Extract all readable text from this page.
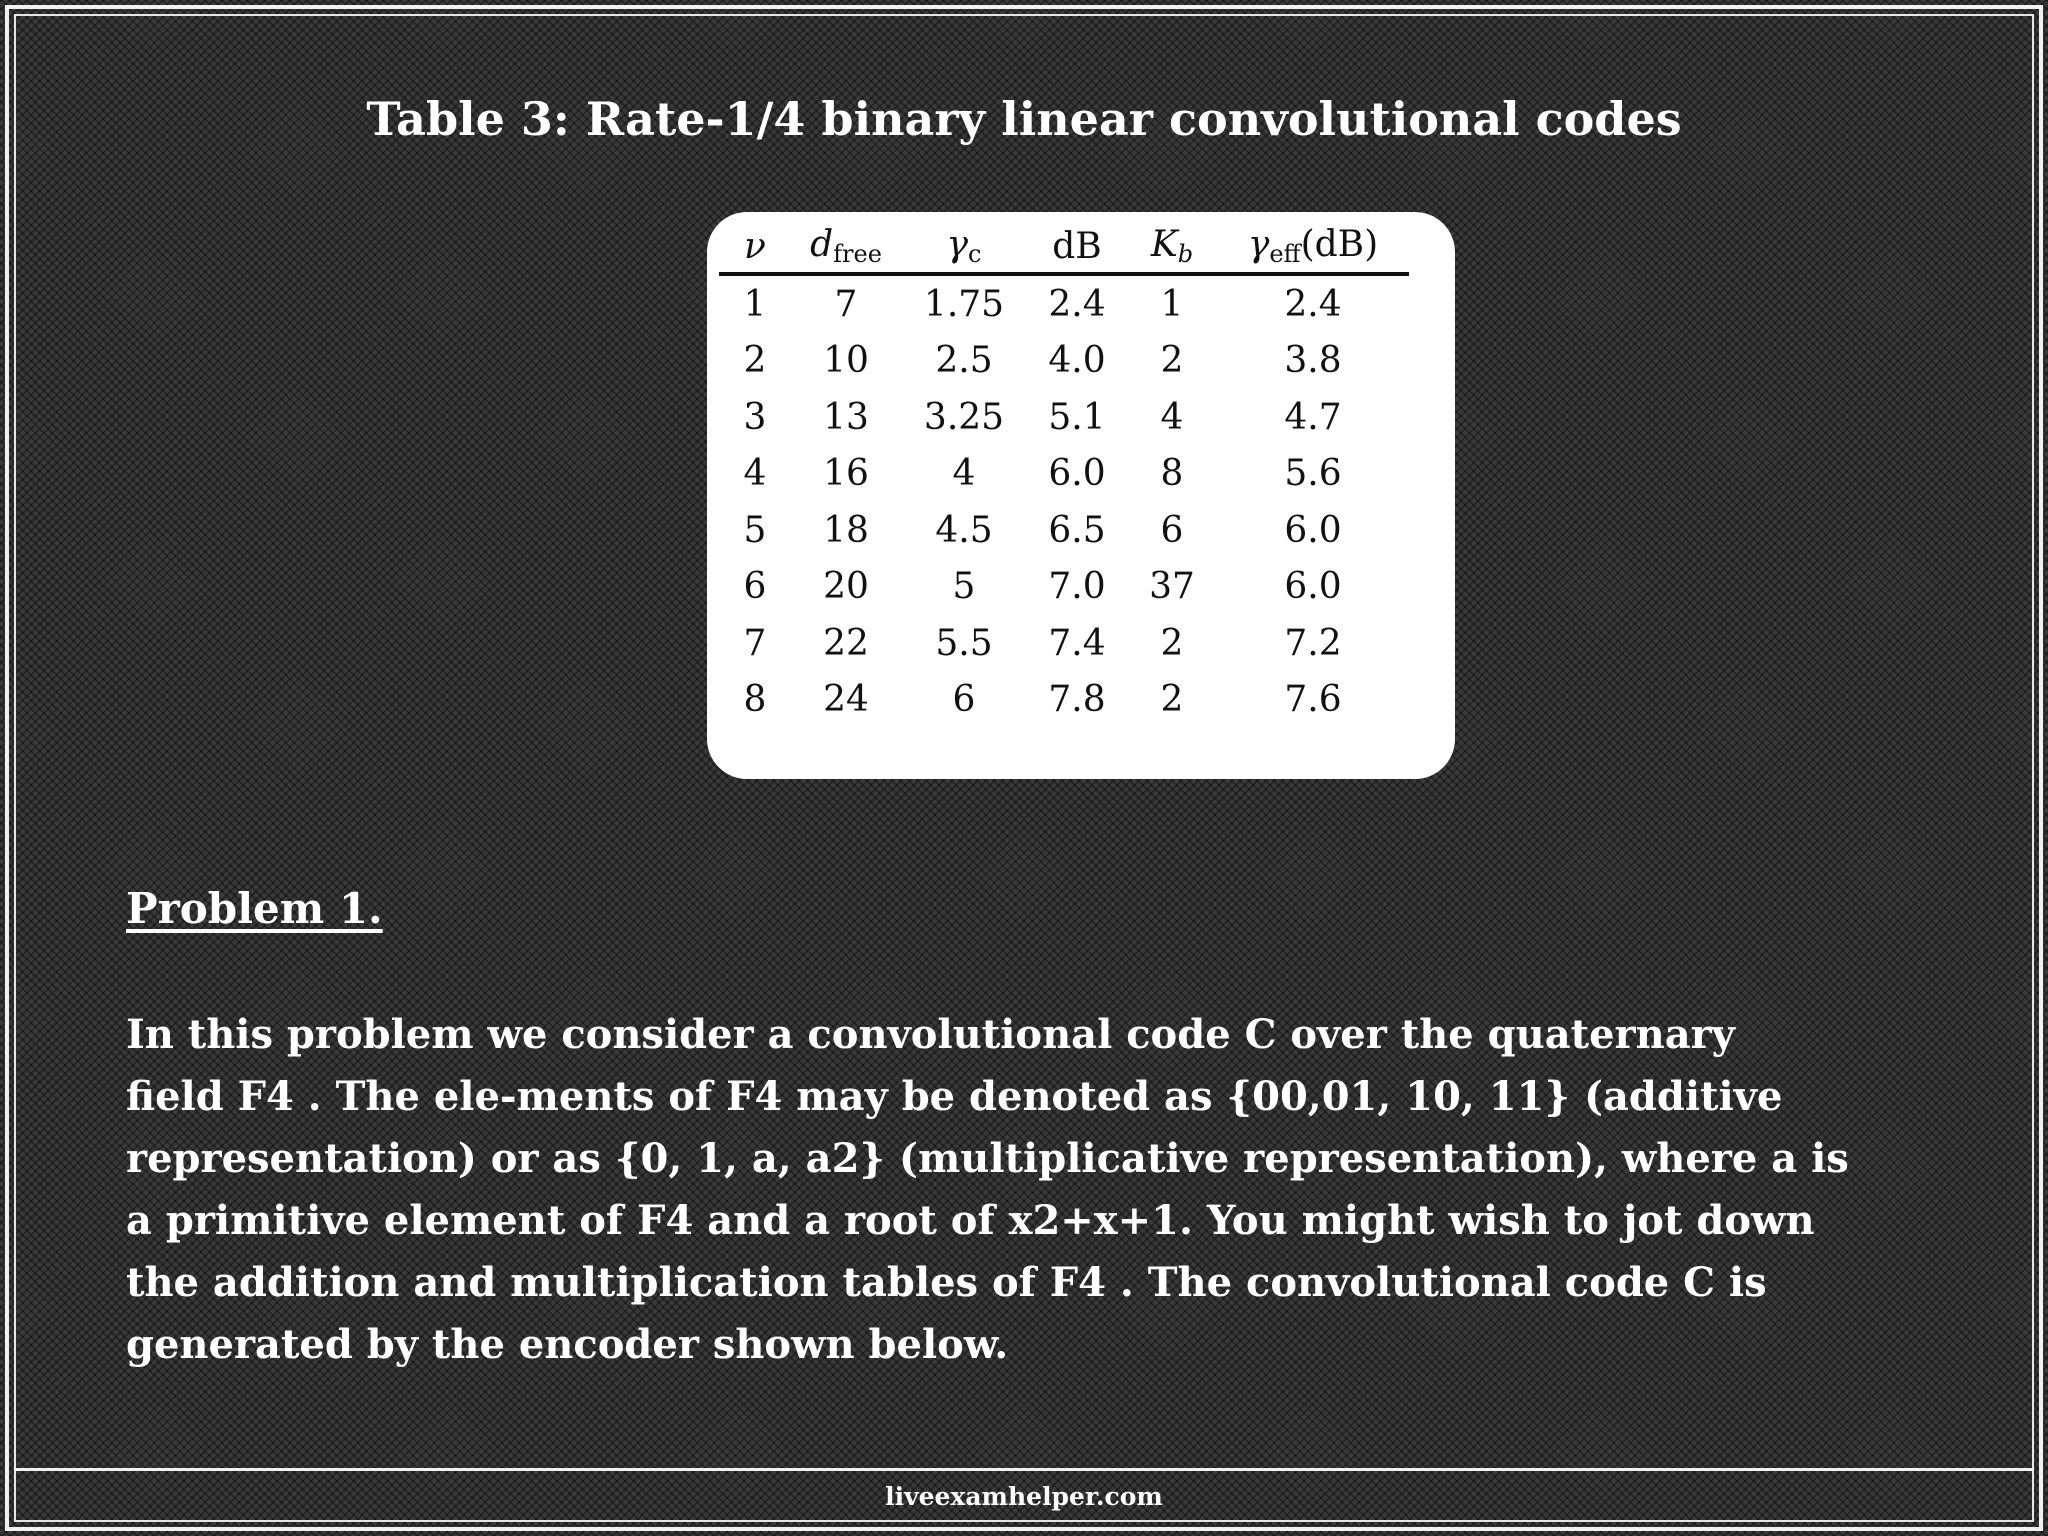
Table 3: Rate-1/4 binary linear convolutional codes
ν	$d_{free}$	$\gamma_c$	dB	$K_b$	$\gamma_{eff}(dB)$
1	7	1.75	2.4	1	2.4
2	10	2.5	4.0	2	3.8
3	13	3.25	5.1	4	4.7
4	16	4	6.0	8	5.6
5	18	4.5	6.5	6	6.0
6	20	5	7.0	37	6.0
7	22	5.5	7.4	2	7.2
8	24	6	7.8	2	7.6
Problem 1.
In this problem we consider a convolutional code C over the quaternary
field F4 . The ele-ments of F4 may be denoted as {00,01, 10, 11} (additive
representation) or as {0, 1, a, a2} (multiplicative representation), where a is
a primitive element of F4 and a root of x2+x+1. You might wish to jot down
the addition and multiplication tables of F4 . The convolutional code C is
generated by the encoder shown below.
liveexamhelper.com
